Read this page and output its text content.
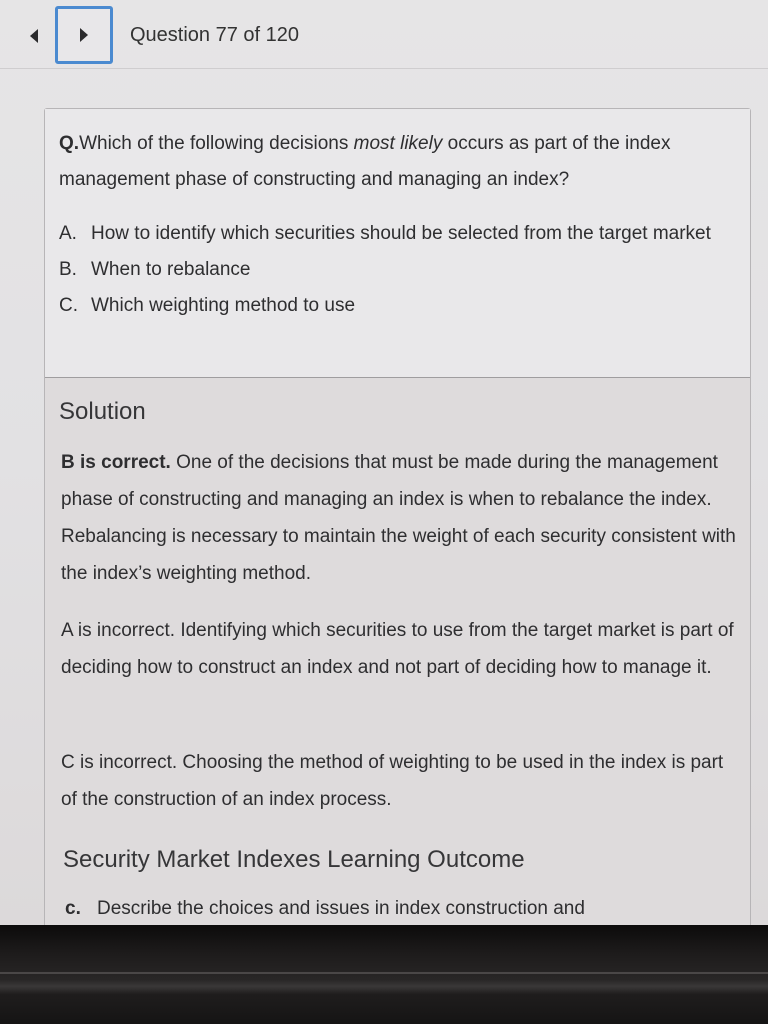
Question 77 of 120
Q.Which of the following decisions most likely occurs as part of the index management phase of constructing and managing an index?
A. How to identify which securities should be selected from the target market
B. When to rebalance
C. Which weighting method to use
Solution
B is correct. One of the decisions that must be made during the management phase of constructing and managing an index is when to rebalance the index. Rebalancing is necessary to maintain the weight of each security consistent with the index’s weighting method.
A is incorrect. Identifying which securities to use from the target market is part of deciding how to construct an index and not part of deciding how to manage it.
C is incorrect. Choosing the method of weighting to be used in the index is part of the construction of an index process.
Security Market Indexes Learning Outcome
c. Describe the choices and issues in index construction and
